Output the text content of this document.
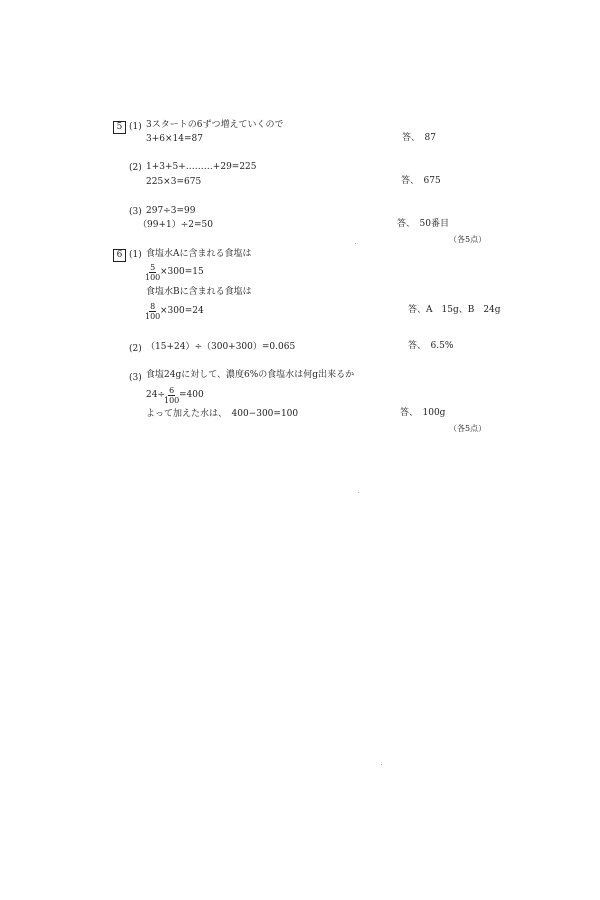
5 (1) 3スタートの6ずつ増えていくので
3+6×14=87	答、　87
(2) 1+3+5+………+29=225
225×3=675	答、　675
(3) 297÷3=99
（99+1）÷2=50	答、　50番目
（各5点）
6 (1) 食塩水Aに含まれる食塩は
$\frac{5}{100}$
×300=15
食塩水Bに含まれる食塩は
$\frac{8}{100}$
×300=24	答、A　15g、B　24g
(2) （15+24）÷（300+300）=0.065	答、　6.5%
(3) 食塩24gに対して、濃度6%の食塩水は何g出来るか
24÷
$\frac{6}{100}$
=400
よって加えた水は、　400−300=100	答、　100g
（各5点）
